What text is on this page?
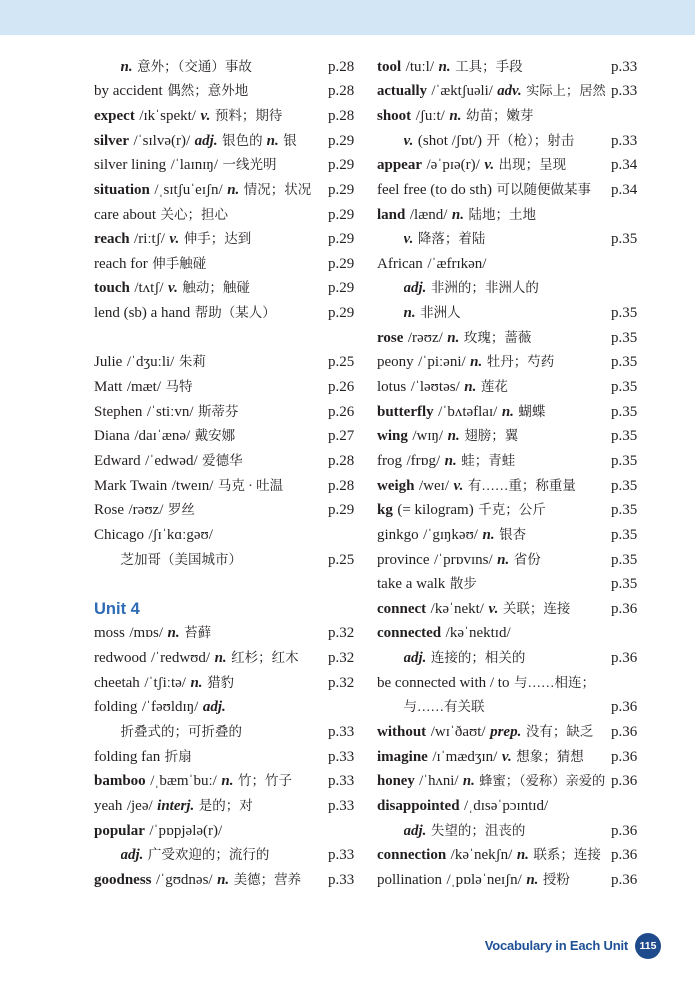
n. 意外；（交通）事故	p.28
by accident 偶然；意外地	p.28
expect /ɪkˈspekt/ v. 预料；期待	p.28
silver /ˈsɪlvə(r)/ adj. 银色的 n. 银	p.29
silver lining /ˈlaɪnɪŋ/ 一线光明	p.29
situation /ˌsɪtʃuˈeɪʃn/ n. 情况；状况	p.29
care about 关心；担心	p.29
reach /riːtʃ/ v. 伸手；达到	p.29
reach for 伸手触碰	p.29
touch /tʌtʃ/ v. 触动；触碰	p.29
lend (sb) a hand 帮助（某人）	p.29
Julie /ˈdʒuːli/ 朱莉	p.25
Matt /mæt/ 马特	p.26
Stephen /ˈstiːvn/ 斯蒂芬	p.26
Diana /daɪˈænə/ 戴安娜	p.27
Edward /ˈedwəd/ 爱德华	p.28
Mark Twain /tweɪn/ 马克 · 吐温	p.28
Rose /rəʊz/ 罗丝	p.29
Chicago /ʃɪˈkɑːgəʊ/
芝加哥（美国城市）	p.25
Unit 4
moss /mɒs/ n. 苔藓	p.32
redwood /ˈredwʊd/ n. 红杉；红木	p.32
cheetah /ˈtʃiːtə/ n. 猎豹	p.32
folding /ˈfəʊldɪŋ/ adj.
折叠式的；可折叠的	p.33
folding fan 折扇	p.33
bamboo /ˌbæmˈbuː/ n. 竹；竹子	p.33
yeah /jeə/ interj. 是的；对	p.33
popular /ˈpɒpjələ(r)/
adj. 广受欢迎的；流行的	p.33
goodness /ˈgʊdnəs/ n. 美德；营养	p.33
tool /tuːl/ n. 工具；手段	p.33
actually /ˈæktʃuəli/ adv. 实际上；居然 p.33
shoot /ʃuːt/ n. 幼苗；嫩芽
v. (shot /ʃɒt/) 开（枪）；射击	p.33
appear /əˈpɪə(r)/ v. 出现；呈现	p.34
feel free (to do sth) 可以随便做某事	p.34
land /lænd/ n. 陆地；土地
v. 降落；着陆	p.35
African /ˈæfrɪkən/
adj. 非洲的；非洲人的
n. 非洲人	p.35
rose /rəʊz/ n. 玫瑰；蔷薇	p.35
peony /ˈpiːəni/ n. 牡丹；芍药	p.35
lotus /ˈləʊtəs/ n. 莲花	p.35
butterfly /ˈbʌtəflaɪ/ n. 蝴蝶	p.35
wing /wɪŋ/ n. 翅膀；翼	p.35
frog /frɒg/ n. 蛙；青蛙	p.35
weigh /weɪ/ v. 有……重；称重量	p.35
kg (= kilogram) 千克；公斤	p.35
ginkgo /ˈgɪŋkəʊ/ n. 银杏	p.35
province /ˈprɒvɪns/ n. 省份	p.35
take a walk 散步	p.35
connect /kəˈnekt/ v. 关联；连接	p.36
connected /kəˈnektɪd/
adj. 连接的；相关的	p.36
be connected with / to 与……相连；
与……有关联	p.36
without /wɪˈðaʊt/ prep. 没有；缺乏	p.36
imagine /ɪˈmædʒɪn/ v. 想象；猜想	p.36
honey /ˈhʌni/ n. 蜂蜜；（爱称）亲爱的 p.36
disappointed /ˌdɪsəˈpɔɪntɪd/
adj. 失望的；沮丧的	p.36
connection /kəˈnekʃn/ n. 联系；连接 p.36
pollination /ˌpɒləˈneɪʃn/ n. 授粉	p.36
Vocabulary in Each Unit	115
